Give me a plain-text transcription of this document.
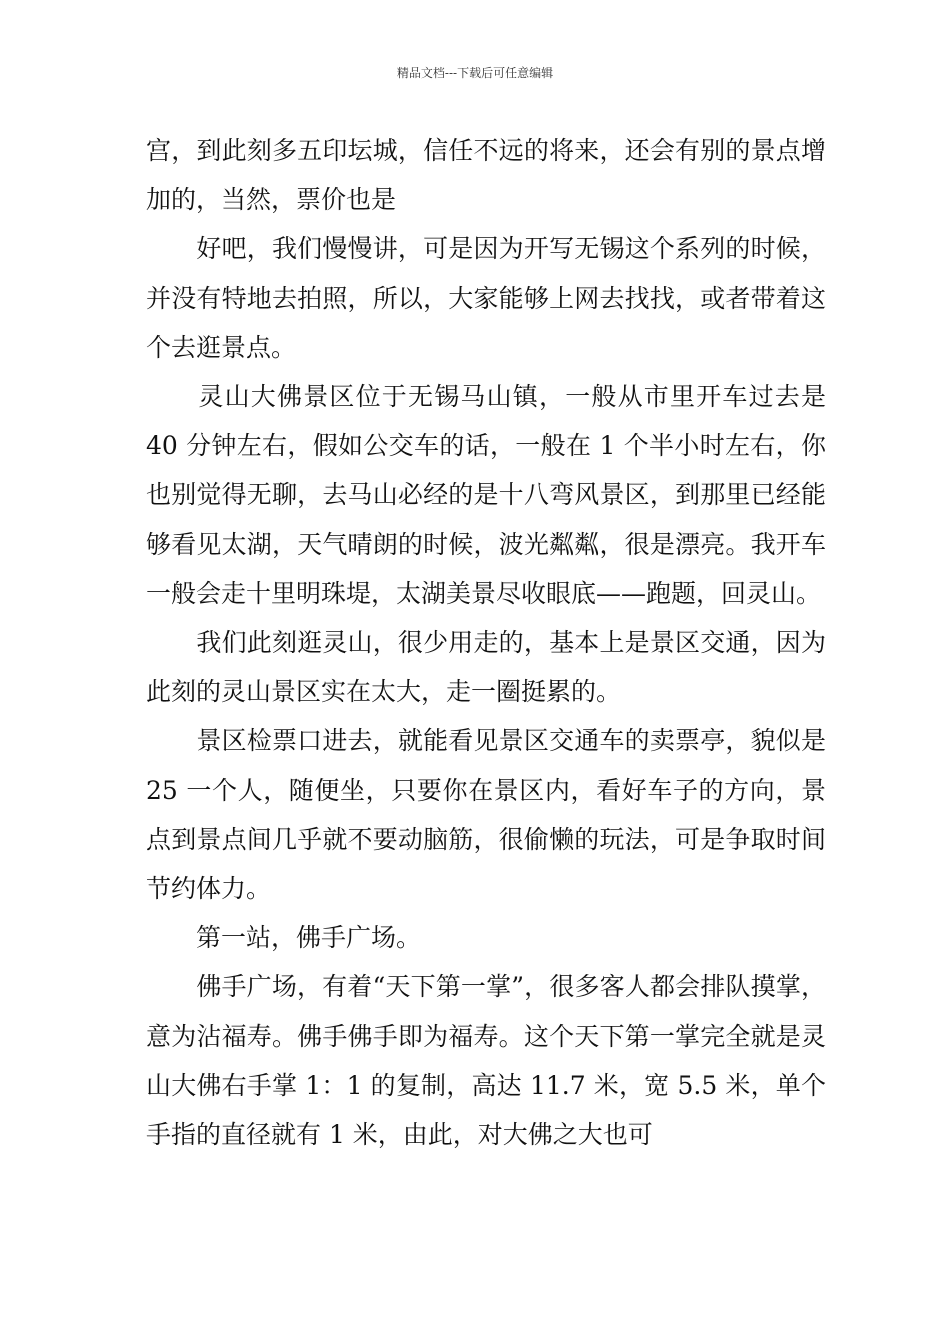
精品文档---下载后可任意编辑

宫，到此刻多五印坛城，信任不远的将来，还会有别的景点增加的，当然，票价也是

　　好吧，我们慢慢讲，可是因为开写无锡这个系列的时候，并没有特地去拍照，所以，大家能够上网去找找，或者带着这个去逛景点。

　　灵山大佛景区位于无锡马山镇，一般从市里开车过去是 40 分钟左右，假如公交车的话，一般在 1 个半小时左右，你也别觉得无聊，去马山必经的是十八弯风景区，到那里已经能够看见太湖，天气晴朗的时候，波光粼粼，很是漂亮。我开车一般会走十里明珠堤，太湖美景尽收眼底——跑题，回灵山。

　　我们此刻逛灵山，很少用走的，基本上是景区交通，因为此刻的灵山景区实在太大，走一圈挺累的。

　　景区检票口进去，就能看见景区交通车的卖票亭，貌似是 25 一个人，随便坐，只要你在景区内，看好车子的方向，景点到景点间几乎就不要动脑筋，很偷懒的玩法，可是争取时间节约体力。

　　第一站，佛手广场。

　　佛手广场，有着“天下第一掌”，很多客人都会排队摸掌，意为沾福寿。佛手佛手即为福寿。这个天下第一掌完全就是灵山大佛右手掌 1：1 的复制，高达 11.7 米，宽 5.5 米，单个手指的直径就有 1 米，由此，对大佛之大也可
